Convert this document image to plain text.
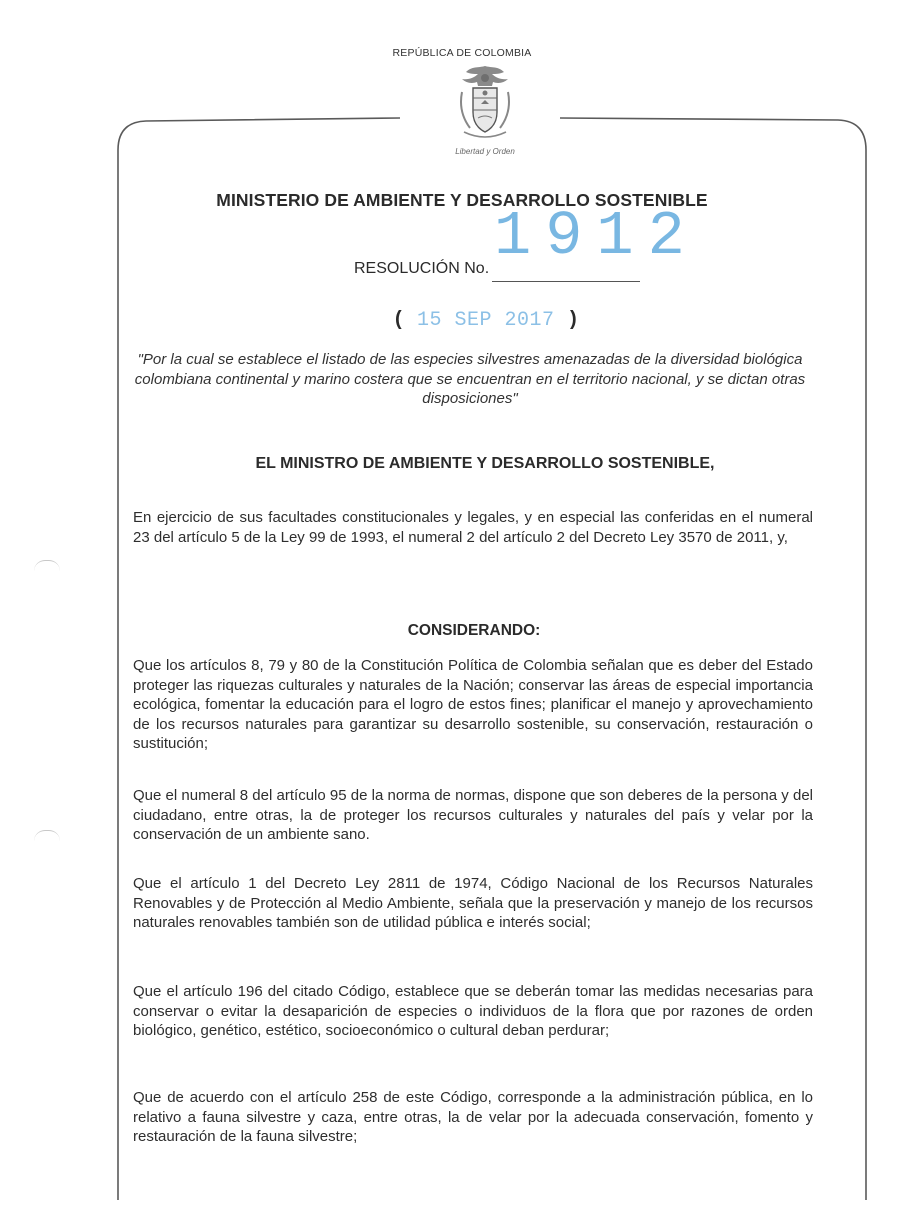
REPÚBLICA DE COLOMBIA
Libertad y Orden
MINISTERIO DE AMBIENTE Y DESARROLLO SOSTENIBLE
1912
RESOLUCIÓN No.
( 15 SEP 2017 )
"Por la cual se establece el listado de las especies silvestres amenazadas de la diversidad biológica colombiana continental y marino costera que se encuentran en el territorio nacional, y se dictan otras disposiciones"
EL MINISTRO DE AMBIENTE Y DESARROLLO SOSTENIBLE,
En ejercicio de sus facultades constitucionales y legales, y en especial las conferidas en el numeral 23 del artículo 5 de la Ley 99 de 1993, el numeral 2 del artículo 2 del Decreto Ley 3570 de 2011, y,
CONSIDERANDO:
Que los artículos 8, 79 y 80 de la Constitución Política de Colombia señalan que es deber del Estado proteger las riquezas culturales y naturales de la Nación; conservar las áreas de especial importancia ecológica, fomentar la educación para el logro de estos fines; planificar el manejo y aprovechamiento de los recursos naturales para garantizar su desarrollo sostenible, su conservación, restauración o sustitución;
Que el numeral 8 del artículo 95 de la norma de normas, dispone que son deberes de la persona y del ciudadano, entre otras, la de proteger los recursos culturales y naturales del país y velar por la conservación de un ambiente sano.
Que el artículo 1 del Decreto Ley 2811 de 1974, Código Nacional de los Recursos Naturales Renovables y de Protección al Medio Ambiente, señala que la preservación y manejo de los recursos naturales renovables también son de utilidad pública e interés social;
Que el artículo 196 del citado Código, establece que se deberán tomar las medidas necesarias para conservar o evitar la desaparición de especies o individuos de la flora que por razones de orden biológico, genético, estético, socioeconómico o cultural deban perdurar;
Que de acuerdo con el artículo 258 de este Código, corresponde a la administración pública, en lo relativo a fauna silvestre y caza, entre otras, la de velar por la adecuada conservación, fomento y restauración de la fauna silvestre;
